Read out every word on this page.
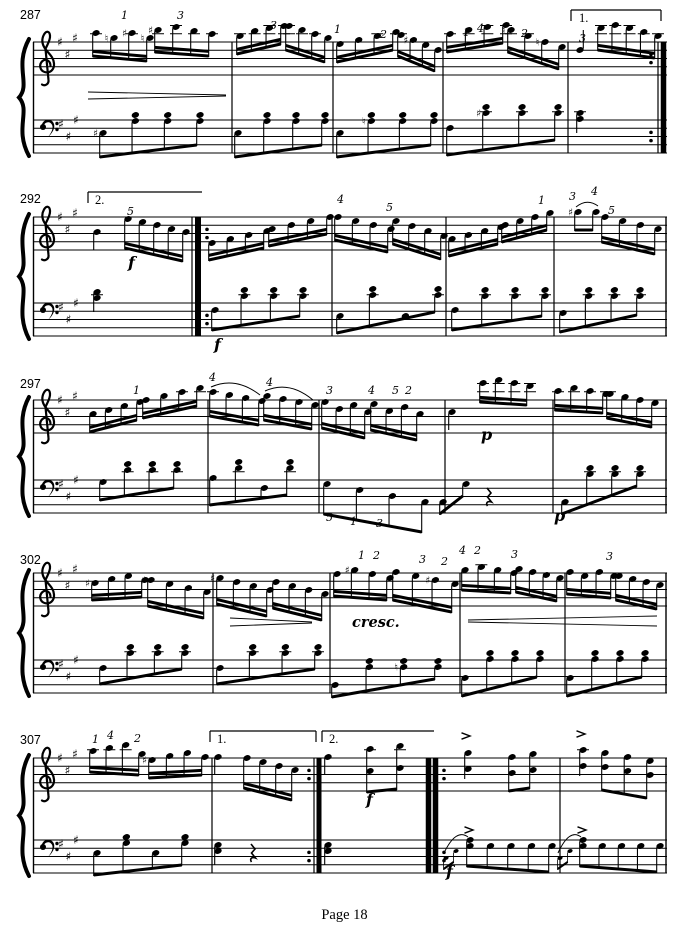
287
♯
♯
♯
♯
♯
♯
1.
♮ ♯ ♮
♯
♯
♮
♮
♯
♮
♯
1	3
3	1	2	1 4	2	3
292
♯
♯
♯
♯
♯
♯
2.
♯
5
4
5
1 3 4
5
f
f
297
♯
♯
♯
♯
♯
♯
1
4	4
3	4 5 2
5 1 3
p
p
302
♯
♯
♯
♯
♯
♯
♯	♯	♯
♯
♯
♮
1 2	3 2
4 2	3	3
cresc.
307
♯
♯
♯
♯
♯
♯
1.	2.
♯
1 4 2
f
f
Page 18
